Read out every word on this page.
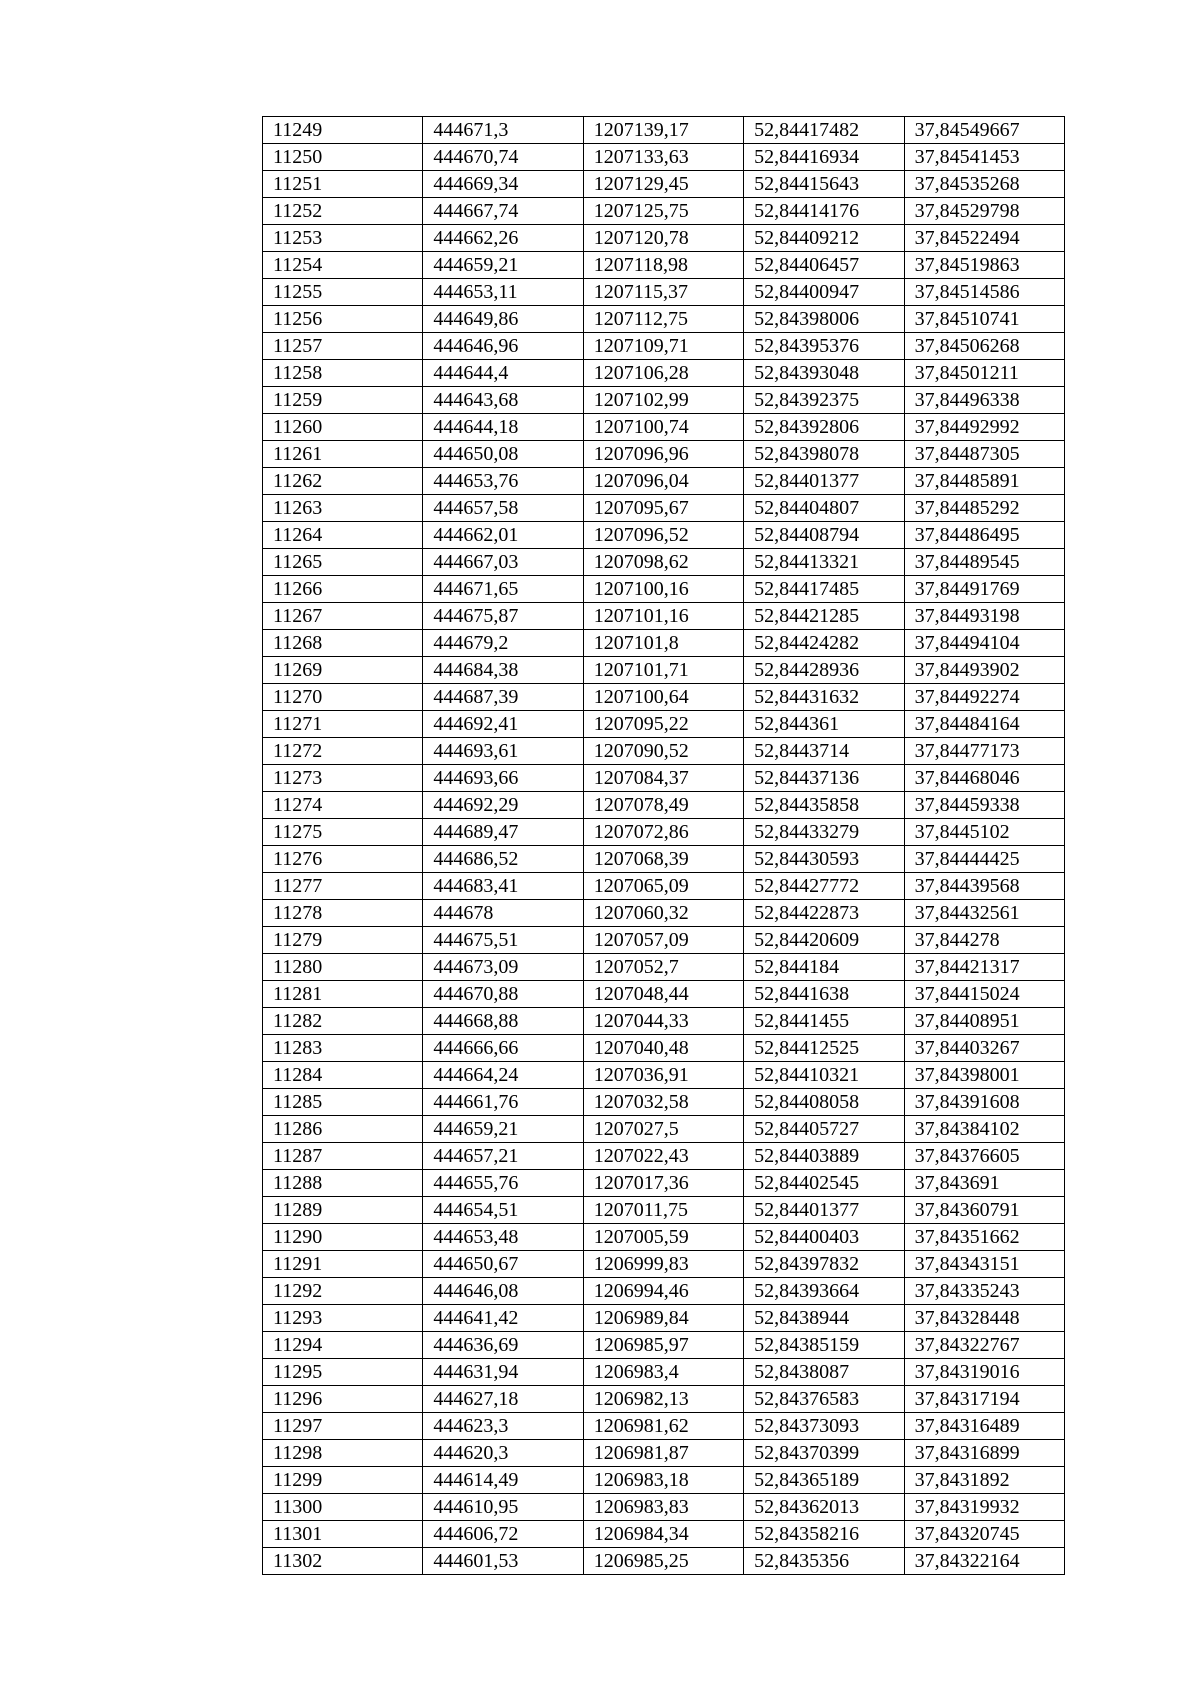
11249	444671,3	1207139,17	52,84417482	37,84549667
11250	444670,74	1207133,63	52,84416934	37,84541453
11251	444669,34	1207129,45	52,84415643	37,84535268
11252	444667,74	1207125,75	52,84414176	37,84529798
11253	444662,26	1207120,78	52,84409212	37,84522494
11254	444659,21	1207118,98	52,84406457	37,84519863
11255	444653,11	1207115,37	52,84400947	37,84514586
11256	444649,86	1207112,75	52,84398006	37,84510741
11257	444646,96	1207109,71	52,84395376	37,84506268
11258	444644,4	1207106,28	52,84393048	37,84501211
11259	444643,68	1207102,99	52,84392375	37,84496338
11260	444644,18	1207100,74	52,84392806	37,84492992
11261	444650,08	1207096,96	52,84398078	37,84487305
11262	444653,76	1207096,04	52,84401377	37,84485891
11263	444657,58	1207095,67	52,84404807	37,84485292
11264	444662,01	1207096,52	52,84408794	37,84486495
11265	444667,03	1207098,62	52,84413321	37,84489545
11266	444671,65	1207100,16	52,84417485	37,84491769
11267	444675,87	1207101,16	52,84421285	37,84493198
11268	444679,2	1207101,8	52,84424282	37,84494104
11269	444684,38	1207101,71	52,84428936	37,84493902
11270	444687,39	1207100,64	52,84431632	37,84492274
11271	444692,41	1207095,22	52,844361	37,84484164
11272	444693,61	1207090,52	52,8443714	37,84477173
11273	444693,66	1207084,37	52,84437136	37,84468046
11274	444692,29	1207078,49	52,84435858	37,84459338
11275	444689,47	1207072,86	52,84433279	37,8445102
11276	444686,52	1207068,39	52,84430593	37,84444425
11277	444683,41	1207065,09	52,84427772	37,84439568
11278	444678	1207060,32	52,84422873	37,84432561
11279	444675,51	1207057,09	52,84420609	37,844278
11280	444673,09	1207052,7	52,844184	37,84421317
11281	444670,88	1207048,44	52,8441638	37,84415024
11282	444668,88	1207044,33	52,8441455	37,84408951
11283	444666,66	1207040,48	52,84412525	37,84403267
11284	444664,24	1207036,91	52,84410321	37,84398001
11285	444661,76	1207032,58	52,84408058	37,84391608
11286	444659,21	1207027,5	52,84405727	37,84384102
11287	444657,21	1207022,43	52,84403889	37,84376605
11288	444655,76	1207017,36	52,84402545	37,843691
11289	444654,51	1207011,75	52,84401377	37,84360791
11290	444653,48	1207005,59	52,84400403	37,84351662
11291	444650,67	1206999,83	52,84397832	37,84343151
11292	444646,08	1206994,46	52,84393664	37,84335243
11293	444641,42	1206989,84	52,8438944	37,84328448
11294	444636,69	1206985,97	52,84385159	37,84322767
11295	444631,94	1206983,4	52,8438087	37,84319016
11296	444627,18	1206982,13	52,84376583	37,84317194
11297	444623,3	1206981,62	52,84373093	37,84316489
11298	444620,3	1206981,87	52,84370399	37,84316899
11299	444614,49	1206983,18	52,84365189	37,8431892
11300	444610,95	1206983,83	52,84362013	37,84319932
11301	444606,72	1206984,34	52,84358216	37,84320745
11302	444601,53	1206985,25	52,8435356	37,84322164
